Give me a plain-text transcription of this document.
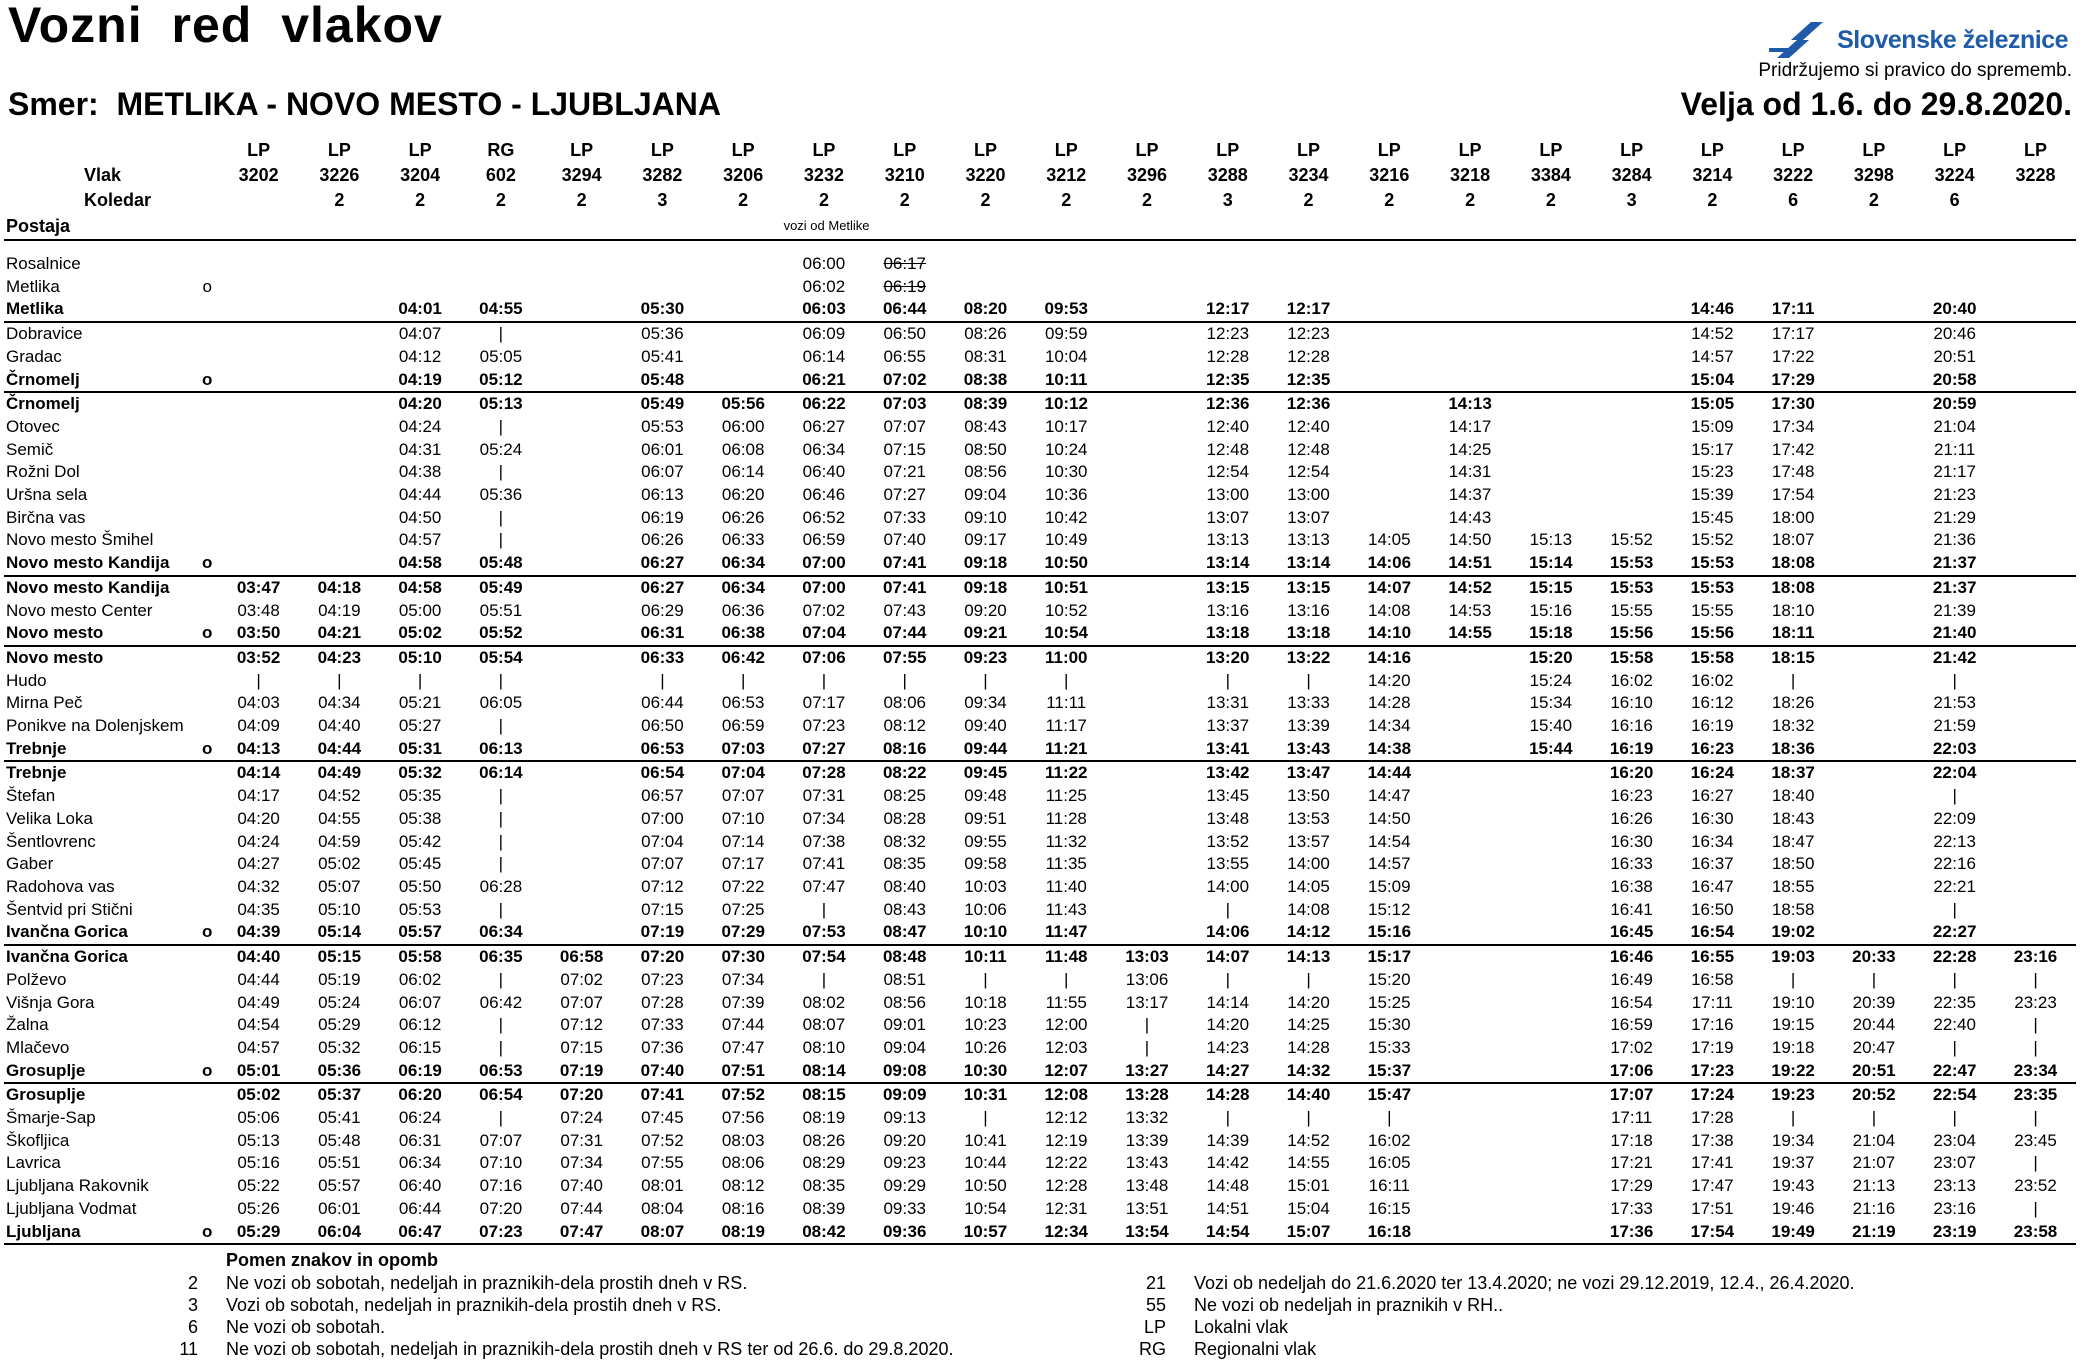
Vozni red vlakov	Slovenske železnice
Pridržujemo si pravico do sprememb.
Smer: METLIKA - NOVO MESTO - LJUBLJANA	Velja od 1.6. do 29.8.2020.
		LP	LP	LP	RG	LP	LP	LP	LP	LP	LP	LP	LP	LP	LP	LP	LP	LP	LP	LP	LP	LP	LP	LP
Vlak		3202	3226	3204	602	3294	3282	3206	3232	3210	3220	3212	3296	3288	3234	3216	3218	3384	3284	3214	3222	3298	3224	3228
Koledar			2	2	2	2	3	2	2	2	2	2	2	3	2	2	2	2	3	2	6	2	6	
Postaja									vozi od Metlike															

Rosalnice									06:00	06:17														
Metlika	o								06:02	06:19														
Metlika				04:01	04:55		05:30		06:03	06:44	08:20	09:53		12:17	12:17					14:46	17:11		20:40	
Dobravice				04:07	|		05:36		06:09	06:50	08:26	09:59		12:23	12:23					14:52	17:17		20:46	
Gradac				04:12	05:05		05:41		06:14	06:55	08:31	10:04		12:28	12:28					14:57	17:22		20:51	
Črnomelj	o			04:19	05:12		05:48		06:21	07:02	08:38	10:11		12:35	12:35					15:04	17:29		20:58	
Črnomelj				04:20	05:13		05:49	05:56	06:22	07:03	08:39	10:12		12:36	12:36		14:13			15:05	17:30		20:59	
Otovec				04:24	|		05:53	06:00	06:27	07:07	08:43	10:17		12:40	12:40		14:17			15:09	17:34		21:04	
Semič				04:31	05:24		06:01	06:08	06:34	07:15	08:50	10:24		12:48	12:48		14:25			15:17	17:42		21:11	
Rožni Dol				04:38	|		06:07	06:14	06:40	07:21	08:56	10:30		12:54	12:54		14:31			15:23	17:48		21:17	
Uršna sela				04:44	05:36		06:13	06:20	06:46	07:27	09:04	10:36		13:00	13:00		14:37			15:39	17:54		21:23	
Birčna vas				04:50	|		06:19	06:26	06:52	07:33	09:10	10:42		13:07	13:07		14:43			15:45	18:00		21:29	
Novo mesto Šmihel				04:57	|		06:26	06:33	06:59	07:40	09:17	10:49		13:13	13:13	14:05	14:50	15:13	15:52	15:52	18:07		21:36	
Novo mesto Kandija	o			04:58	05:48		06:27	06:34	07:00	07:41	09:18	10:50		13:14	13:14	14:06	14:51	15:14	15:53	15:53	18:08		21:37	
Novo mesto Kandija		03:47	04:18	04:58	05:49		06:27	06:34	07:00	07:41	09:18	10:51		13:15	13:15	14:07	14:52	15:15	15:53	15:53	18:08		21:37	
Novo mesto Center		03:48	04:19	05:00	05:51		06:29	06:36	07:02	07:43	09:20	10:52		13:16	13:16	14:08	14:53	15:16	15:55	15:55	18:10		21:39	
Novo mesto	o	03:50	04:21	05:02	05:52		06:31	06:38	07:04	07:44	09:21	10:54		13:18	13:18	14:10	14:55	15:18	15:56	15:56	18:11		21:40	
Novo mesto		03:52	04:23	05:10	05:54		06:33	06:42	07:06	07:55	09:23	11:00		13:20	13:22	14:16		15:20	15:58	15:58	18:15		21:42	
Hudo		|	|	|	|		|	|	|	|	|	|		|	|	14:20		15:24	16:02	16:02	|		|	
Mirna Peč		04:03	04:34	05:21	06:05		06:44	06:53	07:17	08:06	09:34	11:11		13:31	13:33	14:28		15:34	16:10	16:12	18:26		21:53	
Ponikve na Dolenjskem		04:09	04:40	05:27	|		06:50	06:59	07:23	08:12	09:40	11:17		13:37	13:39	14:34		15:40	16:16	16:19	18:32		21:59	
Trebnje	o	04:13	04:44	05:31	06:13		06:53	07:03	07:27	08:16	09:44	11:21		13:41	13:43	14:38		15:44	16:19	16:23	18:36		22:03	
Trebnje		04:14	04:49	05:32	06:14		06:54	07:04	07:28	08:22	09:45	11:22		13:42	13:47	14:44			16:20	16:24	18:37		22:04	
Štefan		04:17	04:52	05:35	|		06:57	07:07	07:31	08:25	09:48	11:25		13:45	13:50	14:47			16:23	16:27	18:40		|	
Velika Loka		04:20	04:55	05:38	|		07:00	07:10	07:34	08:28	09:51	11:28		13:48	13:53	14:50			16:26	16:30	18:43		22:09	
Šentlovrenc		04:24	04:59	05:42	|		07:04	07:14	07:38	08:32	09:55	11:32		13:52	13:57	14:54			16:30	16:34	18:47		22:13	
Gaber		04:27	05:02	05:45	|		07:07	07:17	07:41	08:35	09:58	11:35		13:55	14:00	14:57			16:33	16:37	18:50		22:16	
Radohova vas		04:32	05:07	05:50	06:28		07:12	07:22	07:47	08:40	10:03	11:40		14:00	14:05	15:09			16:38	16:47	18:55		22:21	
Šentvid pri Stični		04:35	05:10	05:53	|		07:15	07:25	|	08:43	10:06	11:43		|	14:08	15:12			16:41	16:50	18:58		|	
Ivančna Gorica	o	04:39	05:14	05:57	06:34		07:19	07:29	07:53	08:47	10:10	11:47		14:06	14:12	15:16			16:45	16:54	19:02		22:27	
Ivančna Gorica		04:40	05:15	05:58	06:35	06:58	07:20	07:30	07:54	08:48	10:11	11:48	13:03	14:07	14:13	15:17			16:46	16:55	19:03	20:33	22:28	23:16
Polževo		04:44	05:19	06:02	|	07:02	07:23	07:34	|	08:51	|	|	13:06	|	|	15:20			16:49	16:58	|	|	|	|
Višnja Gora		04:49	05:24	06:07	06:42	07:07	07:28	07:39	08:02	08:56	10:18	11:55	13:17	14:14	14:20	15:25			16:54	17:11	19:10	20:39	22:35	23:23
Žalna		04:54	05:29	06:12	|	07:12	07:33	07:44	08:07	09:01	10:23	12:00	|	14:20	14:25	15:30			16:59	17:16	19:15	20:44	22:40	|
Mlačevo		04:57	05:32	06:15	|	07:15	07:36	07:47	08:10	09:04	10:26	12:03	|	14:23	14:28	15:33			17:02	17:19	19:18	20:47	|	|
Grosuplje	o	05:01	05:36	06:19	06:53	07:19	07:40	07:51	08:14	09:08	10:30	12:07	13:27	14:27	14:32	15:37			17:06	17:23	19:22	20:51	22:47	23:34
Grosuplje		05:02	05:37	06:20	06:54	07:20	07:41	07:52	08:15	09:09	10:31	12:08	13:28	14:28	14:40	15:47			17:07	17:24	19:23	20:52	22:54	23:35
Šmarje-Sap		05:06	05:41	06:24	|	07:24	07:45	07:56	08:19	09:13	|	12:12	13:32	|	|	|			17:11	17:28	|	|	|	|
Škofljica		05:13	05:48	06:31	07:07	07:31	07:52	08:03	08:26	09:20	10:41	12:19	13:39	14:39	14:52	16:02			17:18	17:38	19:34	21:04	23:04	23:45
Lavrica		05:16	05:51	06:34	07:10	07:34	07:55	08:06	08:29	09:23	10:44	12:22	13:43	14:42	14:55	16:05			17:21	17:41	19:37	21:07	23:07	|
Ljubljana Rakovnik		05:22	05:57	06:40	07:16	07:40	08:01	08:12	08:35	09:29	10:50	12:28	13:48	14:48	15:01	16:11			17:29	17:47	19:43	21:13	23:13	23:52
Ljubljana Vodmat		05:26	06:01	06:44	07:20	07:44	08:04	08:16	08:39	09:33	10:54	12:31	13:51	14:51	15:04	16:15			17:33	17:51	19:46	21:16	23:16	|
Ljubljana	o	05:29	06:04	06:47	07:23	07:47	08:07	08:19	08:42	09:36	10:57	12:34	13:54	14:54	15:07	16:18			17:36	17:54	19:49	21:19	23:19	23:58
Pomen znakov in opomb
2 Ne vozi ob sobotah, nedeljah in praznikih-dela prostih dneh v RS.
3 Vozi ob sobotah, nedeljah in praznikih-dela prostih dneh v RS.
6 Ne vozi ob sobotah.
11 Ne vozi ob sobotah, nedeljah in praznikih-dela prostih dneh v RS ter od 26.6. do 29.8.2020.
21 Vozi ob nedeljah do 21.6.2020 ter 13.4.2020; ne vozi 29.12.2019, 12.4., 26.4.2020.
55 Ne vozi ob nedeljah in praznikih v RH..
LP Lokalni vlak
RG Regionalni vlak
